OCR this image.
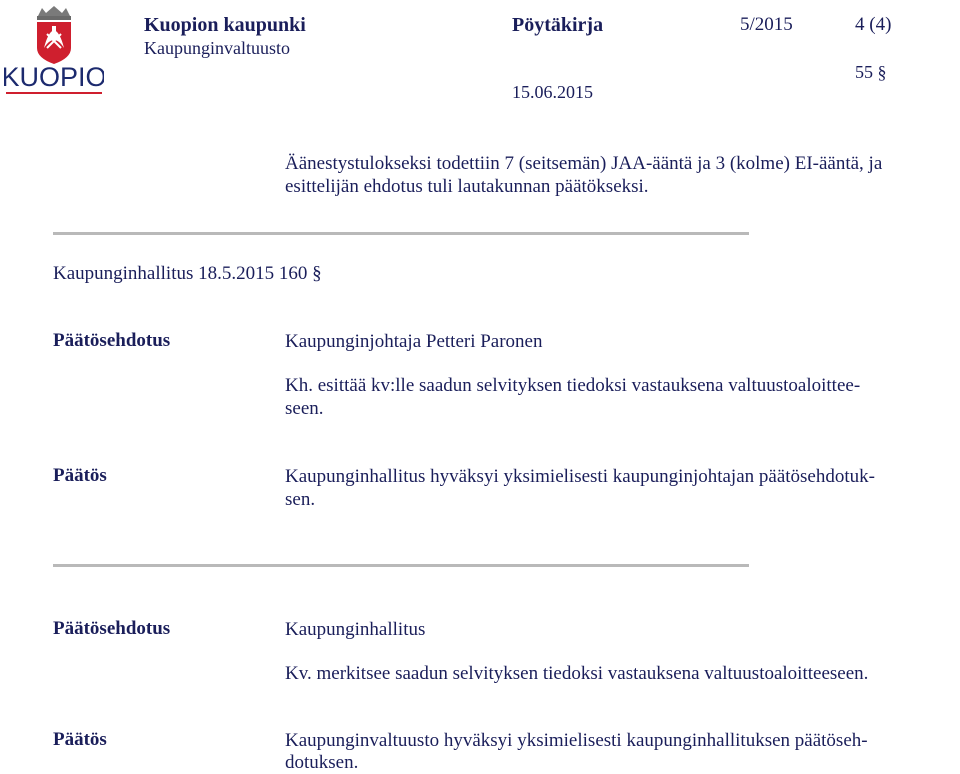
KUOPIO
Kuopion kaupunki
Kaupunginvaltuusto
Pöytäkirja	5/2015	4 (4)
55 §
15.06.2015
Äänestystulokseksi todettiin 7 (seitsemän) JAA-ääntä ja 3 (kolme) EI-ääntä, ja esittelijän ehdotus tuli lautakunnan päätökseksi.
Kaupunginhallitus 18.5.2015 160 §
Päätösehdotus	Kaupunginjohtaja Petteri Paronen
Kh. esittää kv:lle saadun selvityksen tiedoksi vastauksena valtuustoaloittee-
seen.
Päätös	Kaupunginhallitus hyväksyi yksimielisesti kaupunginjohtajan päätösehdotuk-
sen.
Päätösehdotus	Kaupunginhallitus
Kv. merkitsee saadun selvityksen tiedoksi vastauksena valtuustoaloitteeseen.
Päätös	Kaupunginvaltuusto hyväksyi yksimielisesti kaupunginhallituksen päätöseh-
dotuksen.
